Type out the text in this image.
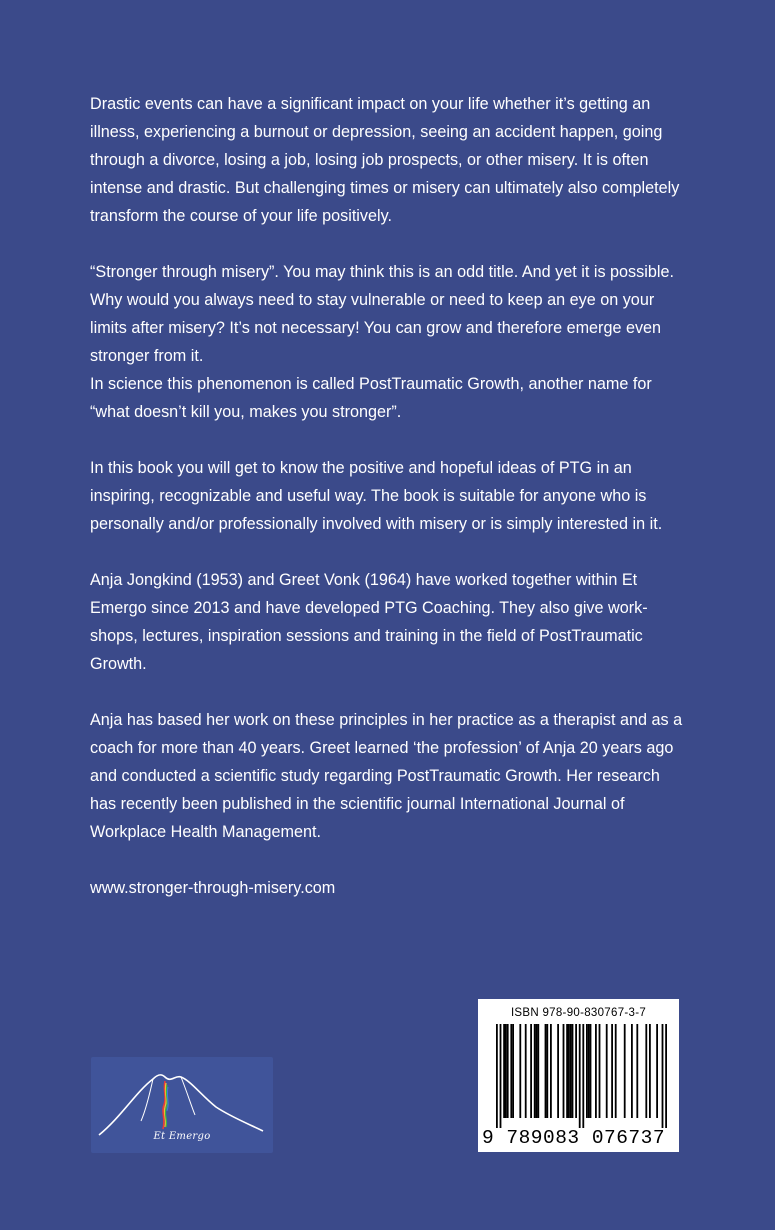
Drastic events can have a significant impact on your life whether it’s getting an illness, experiencing a burnout or depression, seeing an accident happen, going through a divorce, losing a job, losing job prospects, or other misery. It is often intense and drastic. But challenging times or misery can ultimately also completely transform the course of your life positively.

“Stronger through misery”. You may think this is an odd title. And yet it is possible.

Why would you always need to stay vulnerable or need to keep an eye on your limits after misery? It’s not necessary! You can grow and therefore emerge even stronger from it.

In science this phenomenon is called PostTraumatic Growth, another name for “what doesn’t kill you, makes you stronger”.

In this book you will get to know the positive and hopeful ideas of PTG in an inspiring, recognizable and useful way. The book is suitable for anyone who is personally and/or professionally involved with misery or is simply interested in it.

Anja Jongkind (1953) and Greet Vonk (1964) have worked together within Et Emergo since 2013 and have developed PTG Coaching. They also give work-shops, lectures, inspiration sessions and training in the field of PostTraumatic Growth.

Anja has based her work on these principles in her practice as a therapist and as a coach for more than 40 years. Greet learned ‘the profession’ of Anja 20 years ago and conducted a scientific study regarding PostTraumatic Growth. Her research has recently been published in the scientific journal International Journal of Workplace Health Management.

www.stronger-through-misery.com

Et Emergo
ISBN 978-90-830767-3-7
9 789083 076737
